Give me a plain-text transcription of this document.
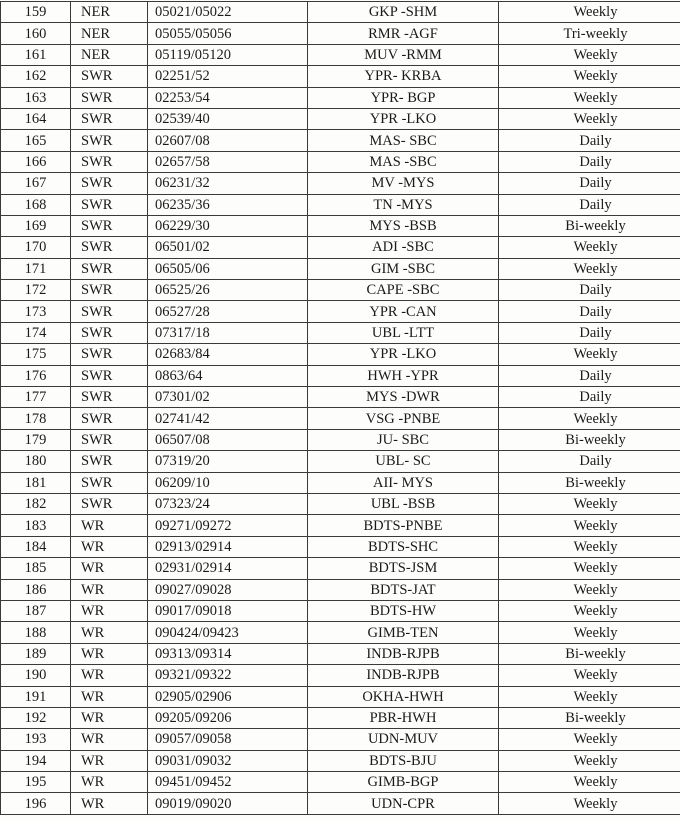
159	NER	05021/05022	GKP -SHM	Weekly
160	NER	05055/05056	RMR -AGF	Tri-weekly
161	NER	05119/05120	MUV -RMM	Weekly
162	SWR	02251/52	YPR- KRBA	Weekly
163	SWR	02253/54	YPR- BGP	Weekly
164	SWR	02539/40	YPR -LKO	Weekly
165	SWR	02607/08	MAS- SBC	Daily
166	SWR	02657/58	MAS -SBC	Daily
167	SWR	06231/32	MV -MYS	Daily
168	SWR	06235/36	TN -MYS	Daily
169	SWR	06229/30	MYS -BSB	Bi-weekly
170	SWR	06501/02	ADI -SBC	Weekly
171	SWR	06505/06	GIM -SBC	Weekly
172	SWR	06525/26	CAPE -SBC	Daily
173	SWR	06527/28	YPR -CAN	Daily
174	SWR	07317/18	UBL -LTT	Daily
175	SWR	02683/84	YPR -LKO	Weekly
176	SWR	0863/64	HWH -YPR	Daily
177	SWR	07301/02	MYS -DWR	Daily
178	SWR	02741/42	VSG -PNBE	Weekly
179	SWR	06507/08	JU- SBC	Bi-weekly
180	SWR	07319/20	UBL- SC	Daily
181	SWR	06209/10	AII- MYS	Bi-weekly
182	SWR	07323/24	UBL -BSB	Weekly
183	WR	09271/09272	BDTS-PNBE	Weekly
184	WR	02913/02914	BDTS-SHC	Weekly
185	WR	02931/02914	BDTS-JSM	Weekly
186	WR	09027/09028	BDTS-JAT	Weekly
187	WR	09017/09018	BDTS-HW	Weekly
188	WR	090424/09423	GIMB-TEN	Weekly
189	WR	09313/09314	INDB-RJPB	Bi-weekly
190	WR	09321/09322	INDB-RJPB	Weekly
191	WR	02905/02906	OKHA-HWH	Weekly
192	WR	09205/09206	PBR-HWH	Bi-weekly
193	WR	09057/09058	UDN-MUV	Weekly
194	WR	09031/09032	BDTS-BJU	Weekly
195	WR	09451/09452	GIMB-BGP	Weekly
196	WR	09019/09020	UDN-CPR	Weekly
